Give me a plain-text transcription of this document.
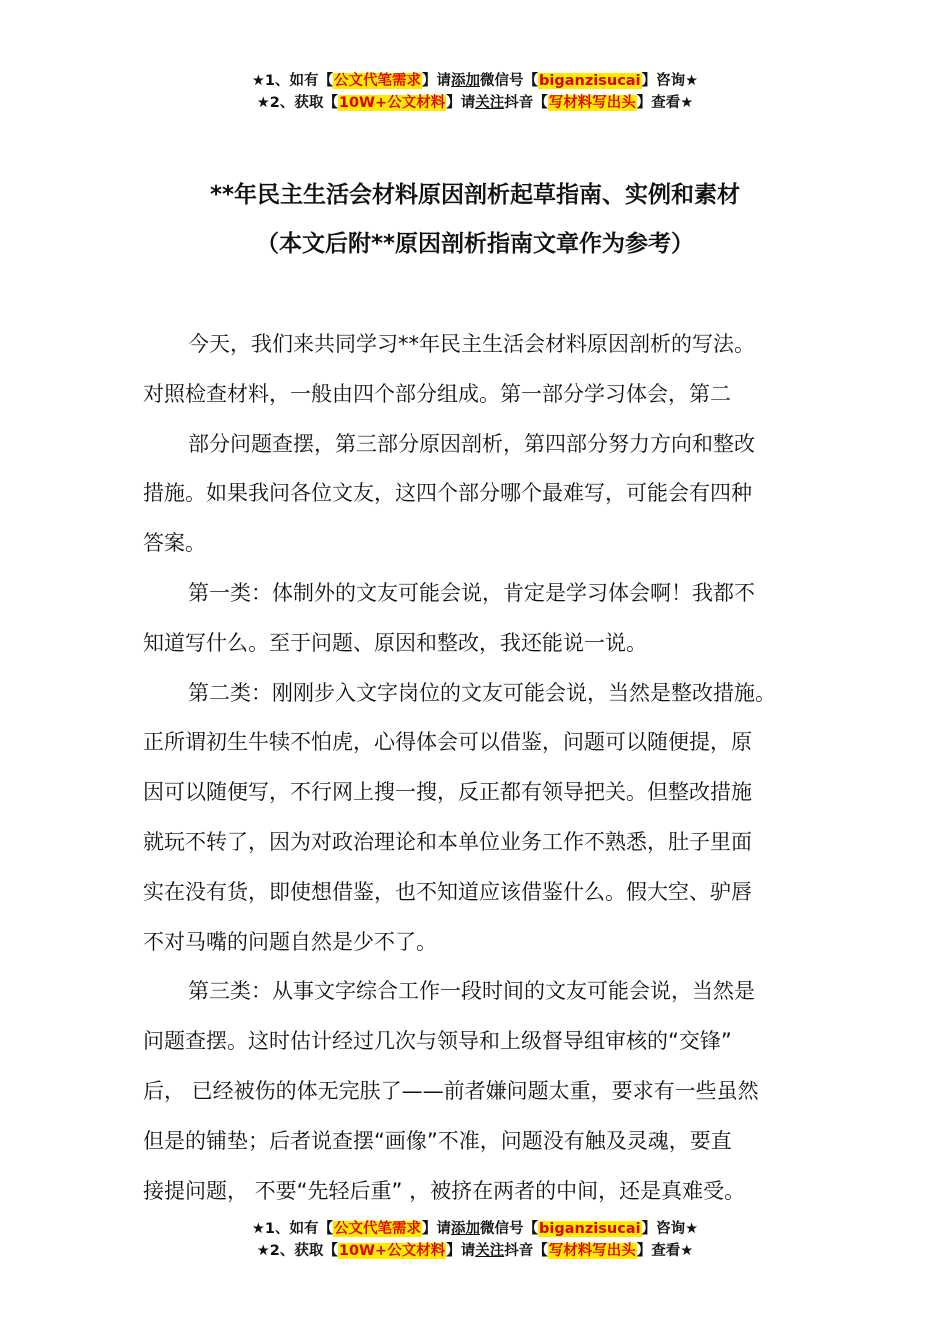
★1、如有【公文代笔需求】请添加微信号【biganzisucai】咨询★
★2、获取【10W+公文材料】请关注抖音【写材料写出头】查看★
**年民主生活会材料原因剖析起草指南、实例和素材
（本文后附**原因剖析指南文章作为参考）

今天，我们来共同学习**年民主生活会材料原因剖析的写法。
对照检查材料，一般由四个部分组成。第一部分学习体会，第二

部分问题查摆，第三部分原因剖析，第四部分努力方向和整改
措施。如果我问各位文友，这四个部分哪个最难写，可能会有四种
答案。

第一类：体制外的文友可能会说，肯定是学习体会啊！我都不
知道写什么。至于问题、原因和整改，我还能说一说。

第二类：刚刚步入文字岗位的文友可能会说，当然是整改措施。
正所谓初生牛犊不怕虎，心得体会可以借鉴，问题可以随便提，原
因可以随便写，不行网上搜一搜，反正都有领导把关。但整改措施
就玩不转了，因为对政治理论和本单位业务工作不熟悉，肚子里面
实在没有货，即使想借鉴，也不知道应该借鉴什么。假大空、驴唇
不对马嘴的问题自然是少不了。

第三类：从事文字综合工作一段时间的文友可能会说，当然是
问题查摆。这时估计经过几次与领导和上级督导组审核的“交锋”
后， 已经被伤的体无完肤了——前者嫌问题太重，要求有一些虽然
但是的铺垫；后者说查摆“画像”不准，问题没有触及灵魂，要直
接提问题， 不要“先轻后重” ，被挤在两者的中间，还是真难受。

★1、如有【公文代笔需求】请添加微信号【biganzisucai】咨询★
★2、获取【10W+公文材料】请关注抖音【写材料写出头】查看★
